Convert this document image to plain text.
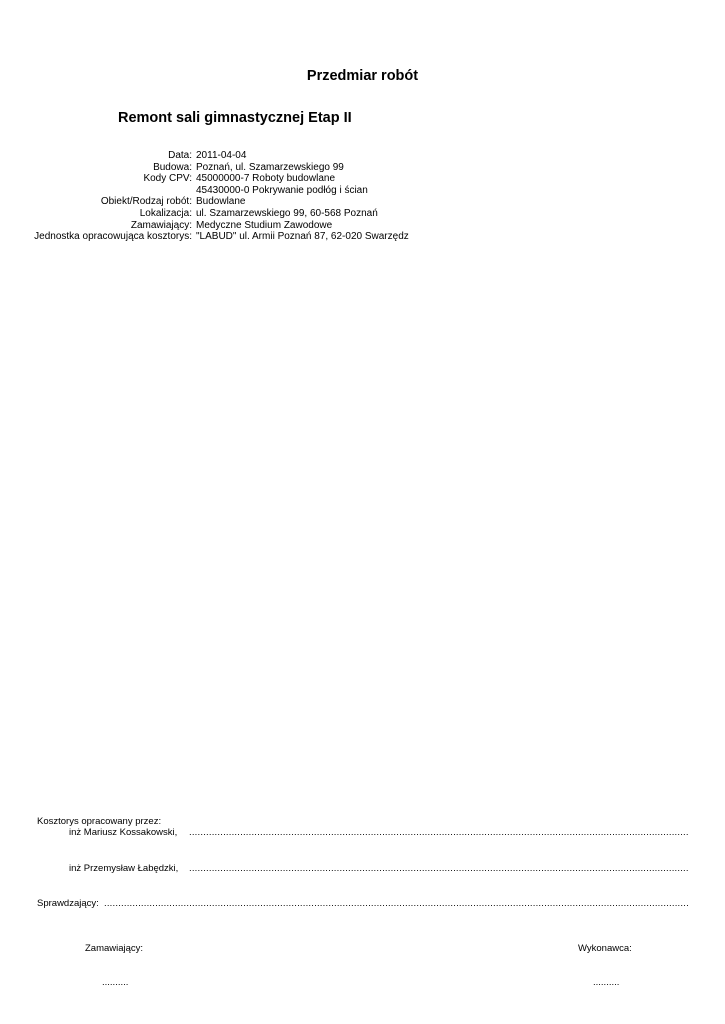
Przedmiar robót
Remont sali gimnastycznej Etap II
Data: 2011-04-04
Budowa: Poznań, ul. Szamarzewskiego 99
Kody CPV: 45000000-7 Roboty budowlane
45430000-0 Pokrywanie podłóg i ścian
Obiekt/Rodzaj robót: Budowlane
Lokalizacja: ul. Szamarzewskiego 99, 60-568 Poznań
Zamawiający: Medyczne Studium Zawodowe
Jednostka opracowująca kosztorys: "LABUD" ul. Armii Poznań 87, 62-020 Swarzędz
Kosztorys opracowany przez:
inż Mariusz Kossakowski,
.....
inż Przemysław Łabędzki,
.....
Sprawdzający:
.....
Zamawiający:	Wykonawca:
..........	..........
